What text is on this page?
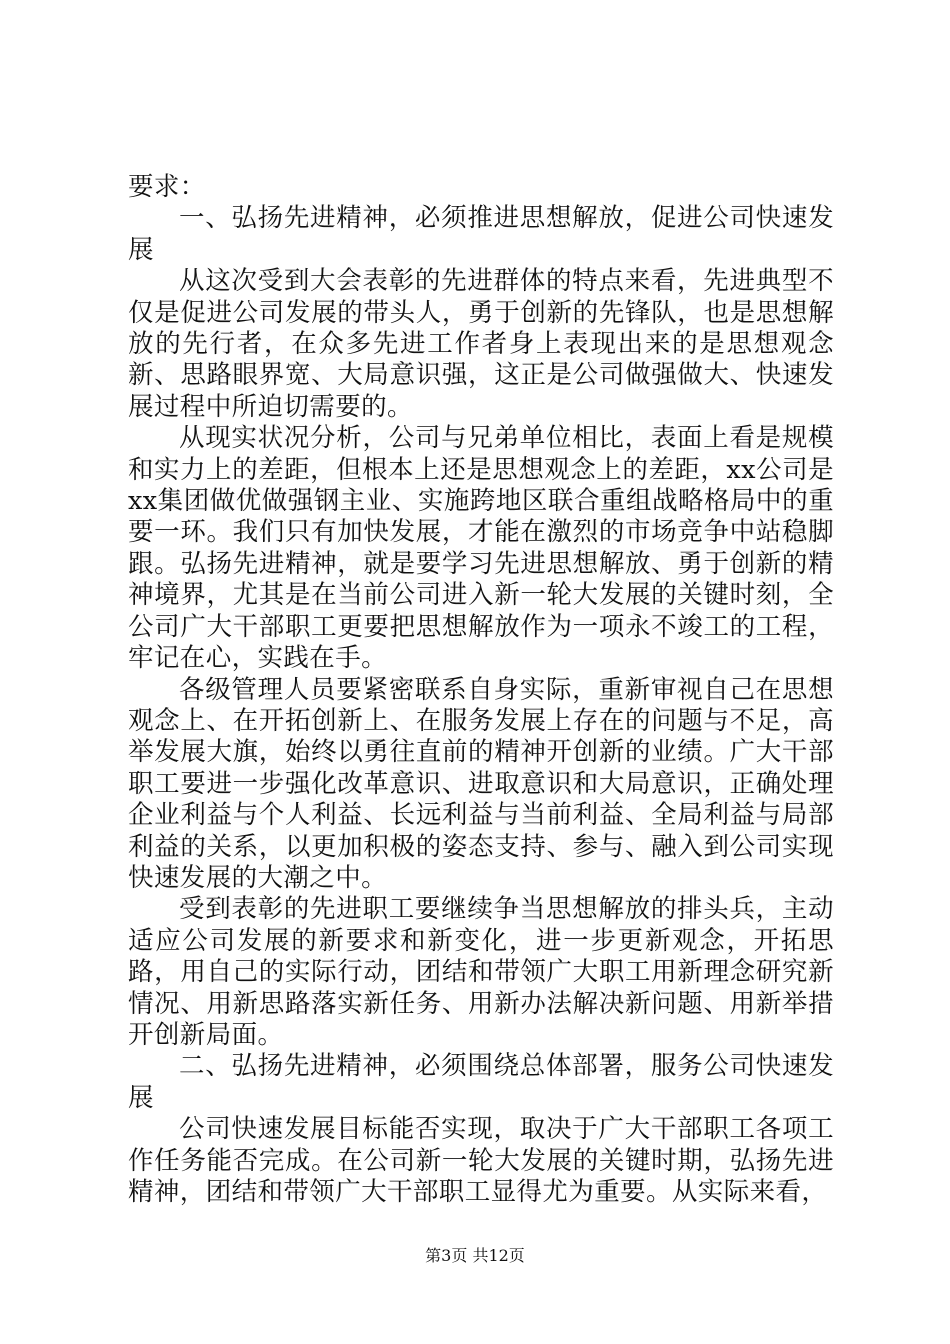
要求：

一、弘扬先进精神，必须推进思想解放，促进公司快速发展

从这次受到大会表彰的先进群体的特点来看，先进典型不仅是促进公司发展的带头人，勇于创新的先锋队，也是思想解放的先行者，在众多先进工作者身上表现出来的是思想观念新、思路眼界宽、大局意识强，这正是公司做强做大、快速发展过程中所迫切需要的。

从现实状况分析，公司与兄弟单位相比，表面上看是规模和实力上的差距，但根本上还是思想观念上的差距，xx公司是xx集团做优做强钢主业、实施跨地区联合重组战略格局中的重要一环。我们只有加快发展，才能在激烈的市场竞争中站稳脚跟。弘扬先进精神，就是要学习先进思想解放、勇于创新的精神境界，尤其是在当前公司进入新一轮大发展的关键时刻，全公司广大干部职工更要把思想解放作为一项永不竣工的工程，牢记在心，实践在手。

各级管理人员要紧密联系自身实际，重新审视自己在思想观念上、在开拓创新上、在服务发展上存在的问题与不足，高举发展大旗，始终以勇往直前的精神开创新的业绩。广大干部职工要进一步强化改革意识、进取意识和大局意识，正确处理企业利益与个人利益、长远利益与当前利益、全局利益与局部利益的关系，以更加积极的姿态支持、参与、融入到公司实现快速发展的大潮之中。

受到表彰的先进职工要继续争当思想解放的排头兵，主动适应公司发展的新要求和新变化，进一步更新观念，开拓思路，用自己的实际行动，团结和带领广大职工用新理念研究新情况、用新思路落实新任务、用新办法解决新问题、用新举措开创新局面。

二、弘扬先进精神，必须围绕总体部署，服务公司快速发展

公司快速发展目标能否实现，取决于广大干部职工各项工作任务能否完成。在公司新一轮大发展的关键时期，弘扬先进精神，团结和带领广大干部职工显得尤为重要。从实际来看，

第3页 共12页
